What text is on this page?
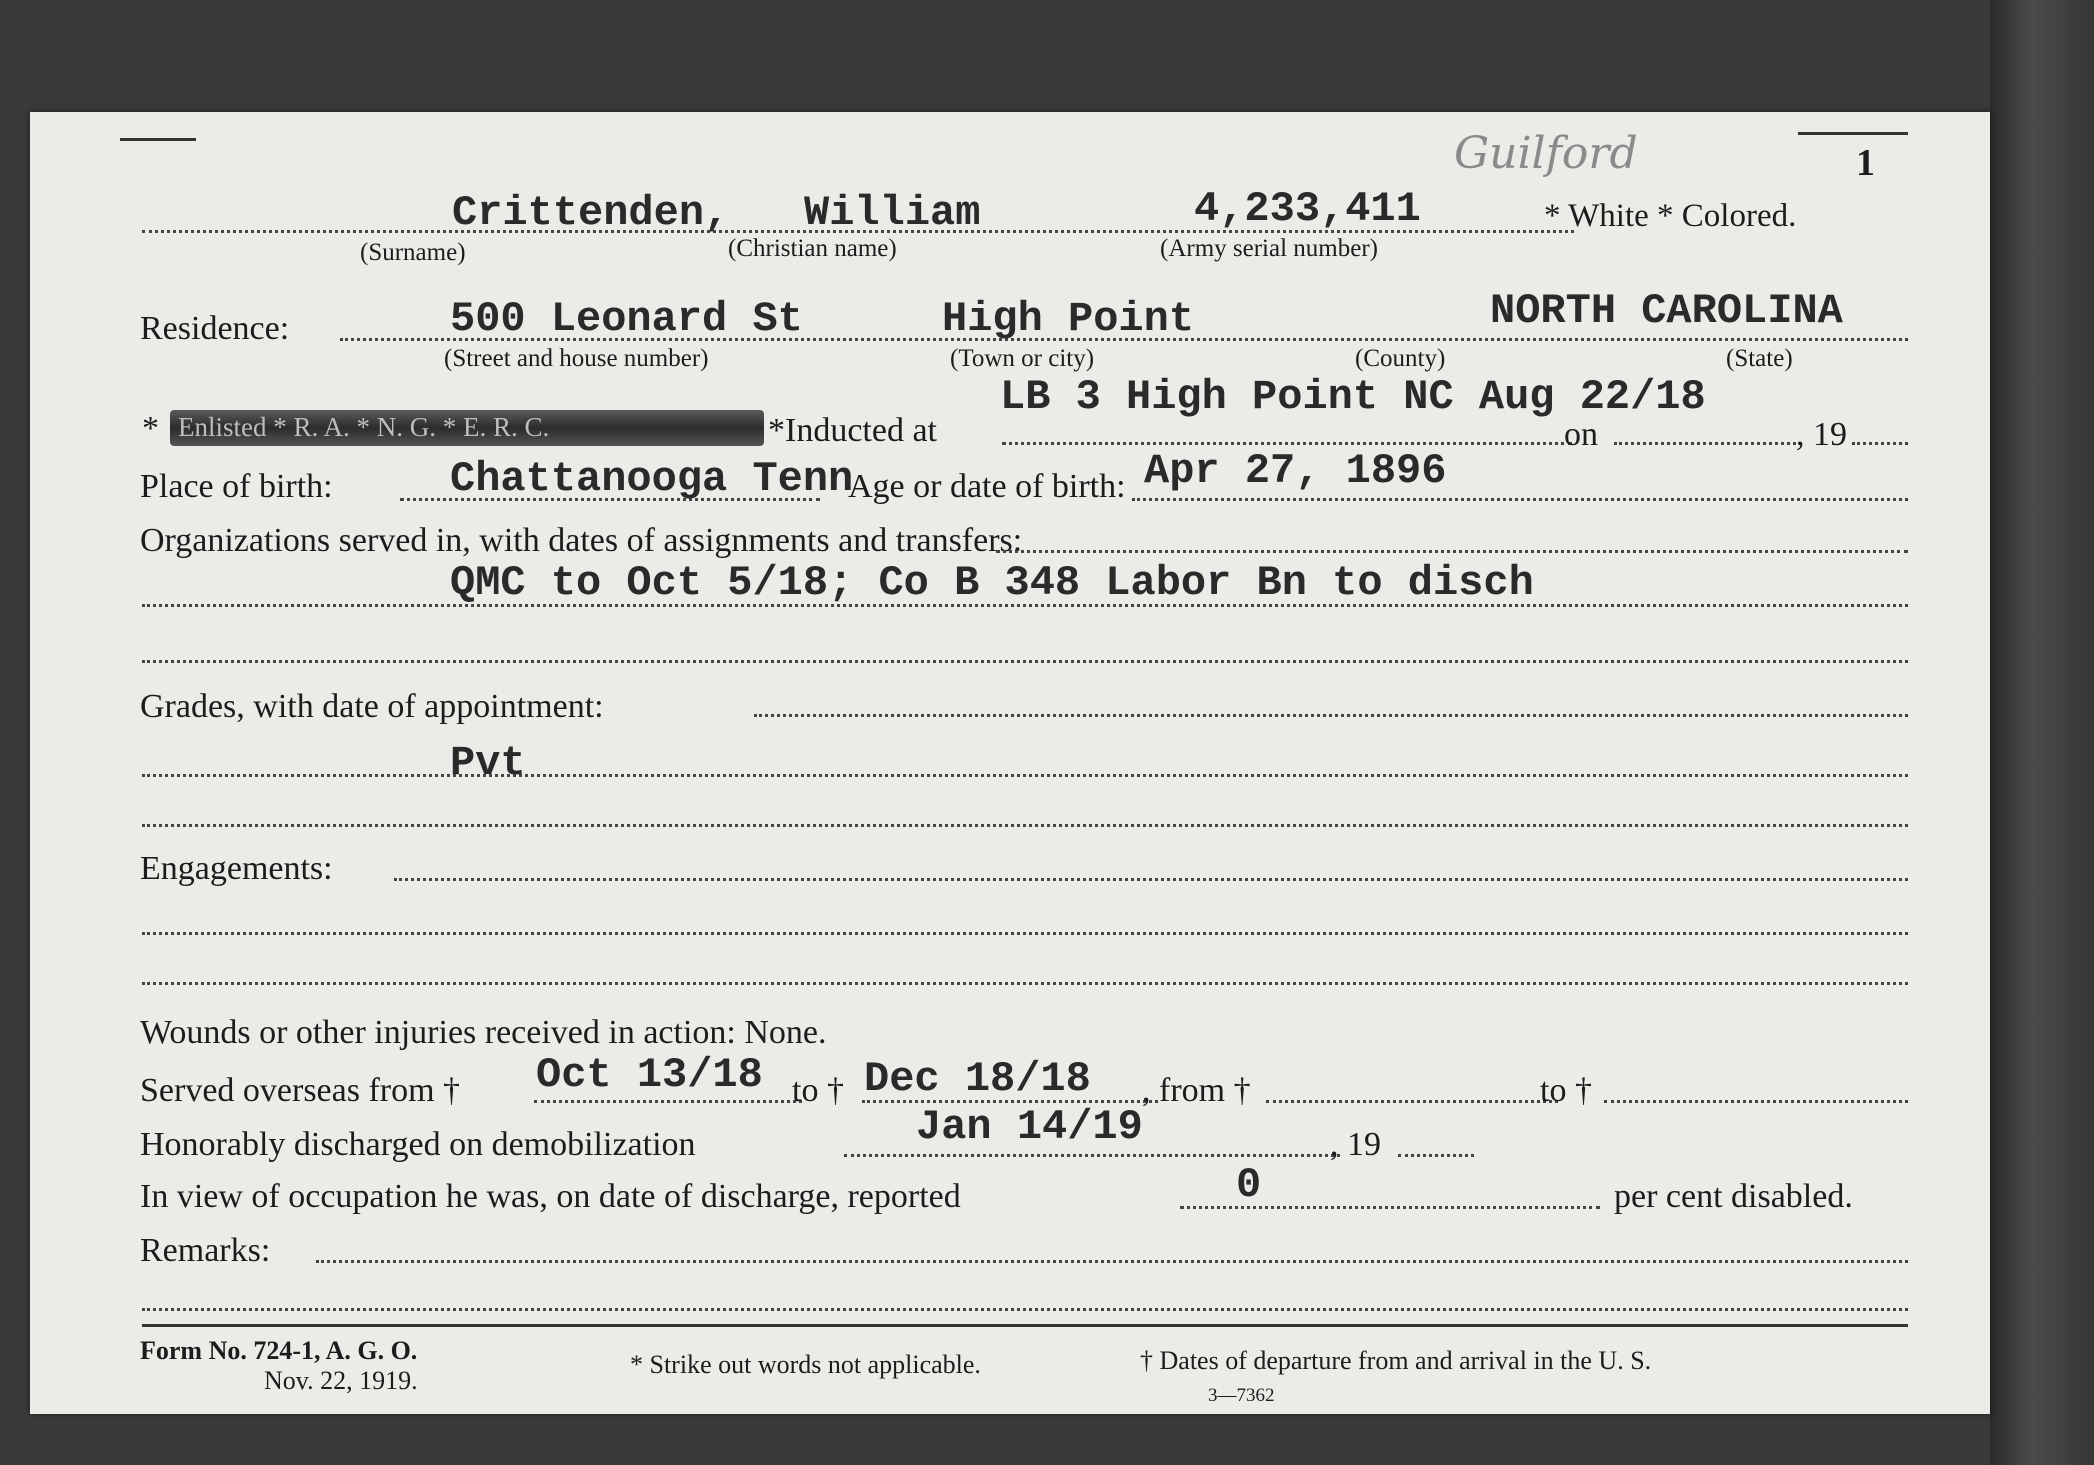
Guilford	1
Crittenden, William	4,233,411	* White * Colored.
(Surname)	(Christian name)	(Army serial number)
Residence:	500 Leonard St	High Point	NORTH CAROLINA
(Street and house number)	(Town or city)	(County)	(State)
* Enlisted * R. A. * N. G. * E. R. C.	*Inducted at
LB 3 High Point NC Aug 22/18
on	, 19
Place of birth:	Chattanooga Tenn
Age or date of birth: Apr 27, 1896
Organizations served in, with dates of assignments and transfers:
QMC to Oct 5/18; Co B 348 Labor Bn to disch
Grades, with date of appointment:
Pvt
Engagements:
Wounds or other injuries received in action: None.
Served overseas from † Oct 13/18 to † Dec 18/18 , from †	to †
Honorably discharged on demobilization	Jan 14/19	, 19
In view of occupation he was, on date of discharge, reported	0	per cent disabled.
Remarks:
Form No. 724-1, A. G. O.
Nov. 22, 1919.
* Strike out words not applicable.	† Dates of departure from and arrival in the U. S.
3—7362
